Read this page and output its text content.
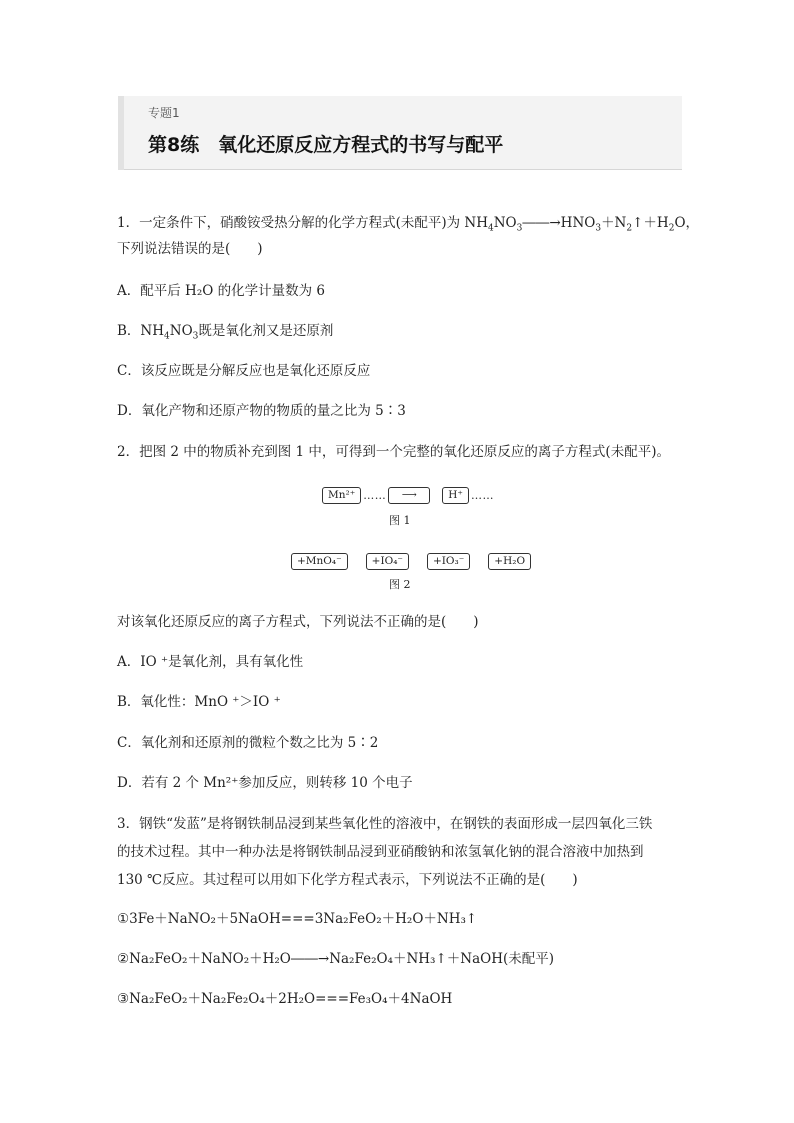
专题1
第8练　氧化还原反应方程式的书写与配平
1．一定条件下，硝酸铵受热分解的化学方程式(未配平)为 $NH_4NO_3――\to HNO_3+N_2↑+H_2O$，
下列说法错误的是(　　)
A．配平后 H₂O 的化学计量数为 6
B．$NH_4NO_3$既是氧化剂又是还原剂
C．该反应既是分解反应也是氧化还原反应
D．氧化产物和还原产物的物质的量之比为 5∶3
2．把图 2 中的物质补充到图 1 中，可得到一个完整的氧化还原反应的离子方程式(未配平)。
Mn²⁺ ……	⟶	H⁺ ……
图 1
+MnO₄⁻	+IO₄⁻	+IO₃⁻	+H₂O
图 2
对该氧化还原反应的离子方程式，下列说法不正确的是(　　)
A．IO ⁺是氧化剂，具有氧化性
B．氧化性：MnO ⁺＞IO ⁺
C．氧化剂和还原剂的微粒个数之比为 5∶2
D．若有 2 个 Mn²⁺参加反应，则转移 10 个电子
3．钢铁“发蓝”是将钢铁制品浸到某些氧化性的溶液中，在钢铁的表面形成一层四氧化三铁
的技术过程。其中一种办法是将钢铁制品浸到亚硝酸钠和浓氢氧化钠的混合溶液中加热到
130 ℃反应。其过程可以用如下化学方程式表示，下列说法不正确的是(　　)
①3Fe＋NaNO₂＋5NaOH===3Na₂FeO₂＋H₂O＋NH₃↑
②Na₂FeO₂＋NaNO₂＋H₂O――→Na₂Fe₂O₄＋NH₃↑＋NaOH(未配平)
③Na₂FeO₂＋Na₂Fe₂O₄＋2H₂O===Fe₃O₄＋4NaOH
